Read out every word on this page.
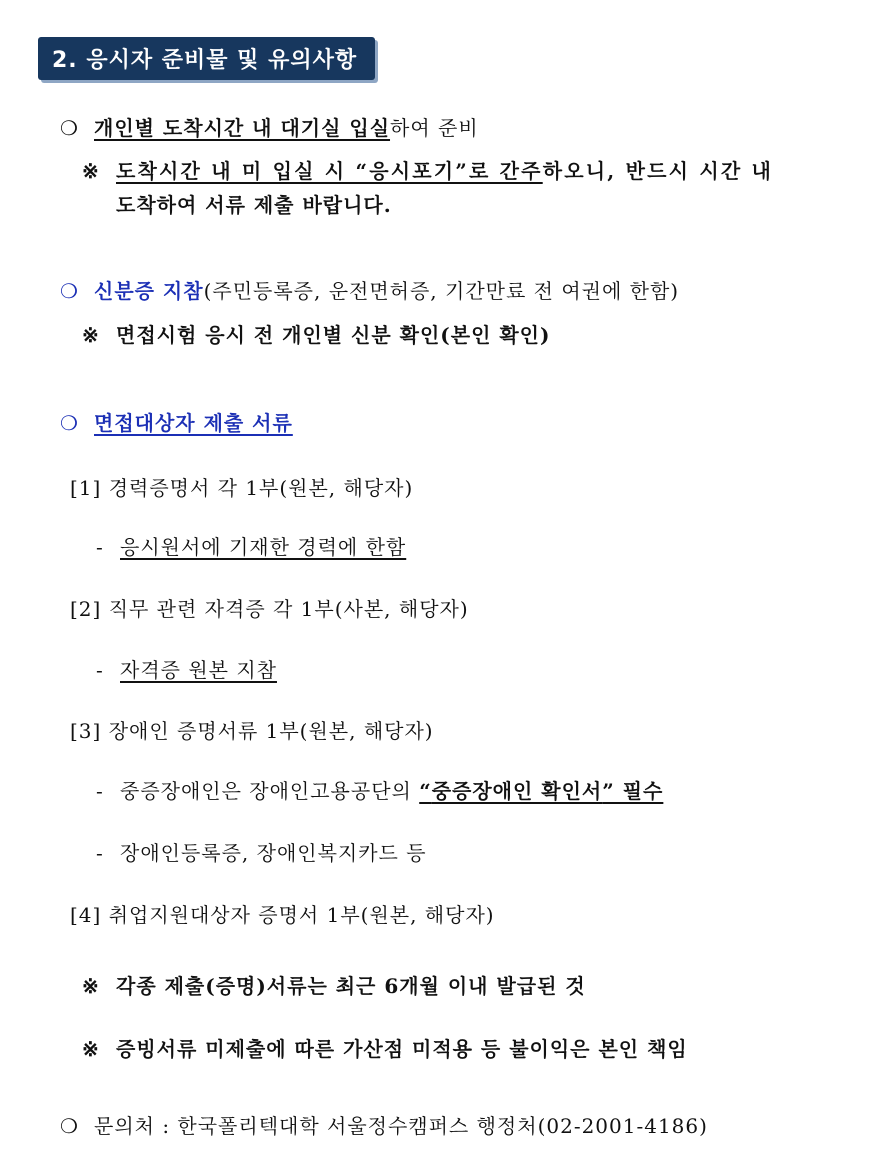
2. 응시자 준비물 및 유의사항
❍ 개인별 도착시간 내 대기실 입실하여 준비
※ 도착시간 내 미 입실 시 “응시포기”로 간주하오니, 반드시 시간 내
도착하여 서류 제출 바랍니다.
❍ 신분증 지참(주민등록증, 운전면허증, 기간만료 전 여권에 한함)
※ 면접시험 응시 전 개인별 신분 확인(본인 확인)
❍ 면접대상자 제출 서류
[1] 경력증명서 각 1부(원본, 해당자)
- 응시원서에 기재한 경력에 한함
[2] 직무 관련 자격증 각 1부(사본, 해당자)
- 자격증 원본 지참
[3] 장애인 증명서류 1부(원본, 해당자)
- 중증장애인은 장애인고용공단의 “중증장애인 확인서” 필수
- 장애인등록증, 장애인복지카드 등
[4] 취업지원대상자 증명서 1부(원본, 해당자)
※ 각종 제출(증명)서류는 최근 6개월 이내 발급된 것
※ 증빙서류 미제출에 따른 가산점 미적용 등 불이익은 본인 책임
❍ 문의처 : 한국폴리텍대학 서울정수캠퍼스 행정처(02-2001-4186)
